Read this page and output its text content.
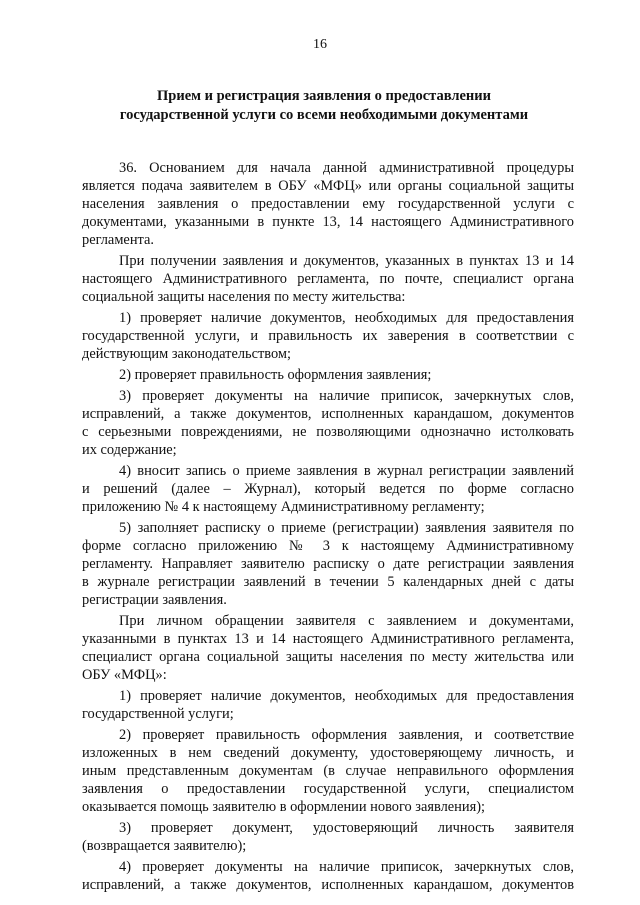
16
Прием и регистрация заявления о предоставлении
государственной услуги со всеми необходимыми документами
36. Основанием для начала данной административной процедуры
является подача заявителем в ОБУ «МФЦ» или органы социальной защиты
населения заявления о предоставлении ему государственной услуги с
документами, указанными в пункте 13, 14 настоящего Административного
регламента.
При получении заявления и документов, указанных в пунктах 13 и 14
настоящего Административного регламента, по почте, специалист органа
социальной защиты населения по месту жительства:
1) проверяет наличие документов, необходимых для предоставления
государственной услуги, и правильность их заверения в соответствии с
действующим законодательством;
2) проверяет правильность оформления заявления;
3) проверяет документы на наличие приписок, зачеркнутых слов,
исправлений, а также документов, исполненных карандашом, документов
с серьезными повреждениями, не позволяющими однозначно истолковать
их содержание;
4) вносит запись о приеме заявления в журнал регистрации заявлений
и решений (далее – Журнал), который ведется по форме согласно
приложению № 4 к настоящему Административному регламенту;
5) заполняет расписку о приеме (регистрации) заявления заявителя по
форме согласно приложению № 3 к настоящему Административному
регламенту. Направляет заявителю расписку о дате регистрации заявления
в журнале регистрации заявлений в течении 5 календарных дней с даты
регистрации заявления.
При личном обращении заявителя с заявлением и документами,
указанными в пунктах 13 и 14 настоящего Административного регламента,
специалист органа социальной защиты населения по месту жительства или
ОБУ «МФЦ»:
1) проверяет наличие документов, необходимых для предоставления
государственной услуги;
2) проверяет правильность оформления заявления, и соответствие
изложенных в нем сведений документу, удостоверяющему личность, и
иным представленным документам (в случае неправильного оформления
заявления о предоставлении государственной услуги, специалистом
оказывается помощь заявителю в оформлении нового заявления);
3) проверяет документ, удостоверяющий личность заявителя
(возвращается заявителю);
4) проверяет документы на наличие приписок, зачеркнутых слов,
исправлений, а также документов, исполненных карандашом, документов
